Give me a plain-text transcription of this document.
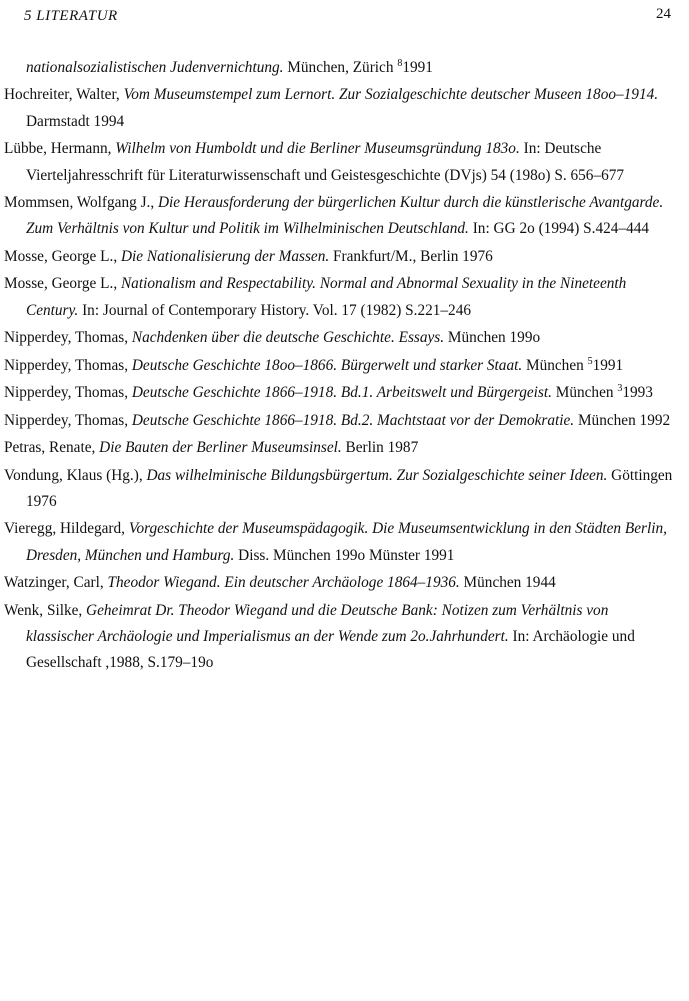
5 LITERATUR	24

nationalsozialistischen Judenvernichtung. München, Zürich $^8$1991

Hochreiter, Walter, Vom Museumstempel zum Lernort. Zur Sozialgeschichte deutscher Museen 18oo–1914. Darmstadt 1994

Lübbe, Hermann, Wilhelm von Humboldt und die Berliner Museumsgründung 183o. In: Deutsche Vierteljahresschrift für Literaturwissenschaft und Geistesgeschichte (DVjs) 54 (198o) S. 656–677

Mommsen, Wolfgang J., Die Herausforderung der bürgerlichen Kultur durch die künstlerische Avantgarde. Zum Verhältnis von Kultur und Politik im Wilhelminischen Deutschland. In: GG 2o (1994) S.424–444

Mosse, George L., Die Nationalisierung der Massen. Frankfurt/M., Berlin 1976

Mosse, George L., Nationalism and Respectability. Normal and Abnormal Sexuality in the Nineteenth Century. In: Journal of Contemporary History. Vol. 17 (1982) S.221–246

Nipperdey, Thomas, Nachdenken über die deutsche Geschichte. Essays. München 199o

Nipperdey, Thomas, Deutsche Geschichte 18oo–1866. Bürgerwelt und starker Staat. München $^5$1991

Nipperdey, Thomas, Deutsche Geschichte 1866–1918. Bd.1. Arbeitswelt und Bürgergeist. München $^3$1993

Nipperdey, Thomas, Deutsche Geschichte 1866–1918. Bd.2. Machtstaat vor der Demokratie. München 1992

Petras, Renate, Die Bauten der Berliner Museumsinsel. Berlin 1987

Vondung, Klaus (Hg.), Das wilhelminische Bildungsbürgertum. Zur Sozialgeschichte seiner Ideen. Göttingen 1976

Vieregg, Hildegard, Vorgeschichte der Museumspädagogik. Die Museumsentwicklung in den Städten Berlin, Dresden, München und Hamburg. Diss. München 199o Münster 1991

Watzinger, Carl, Theodor Wiegand. Ein deutscher Archäologe 1864–1936. München 1944

Wenk, Silke, Geheimrat Dr. Theodor Wiegand und die Deutsche Bank: Notizen zum Verhältnis von klassischer Archäologie und Imperialismus an der Wende zum 2o.Jahrhundert. In: Archäologie und Gesellschaft ,1988, S.179–19o
